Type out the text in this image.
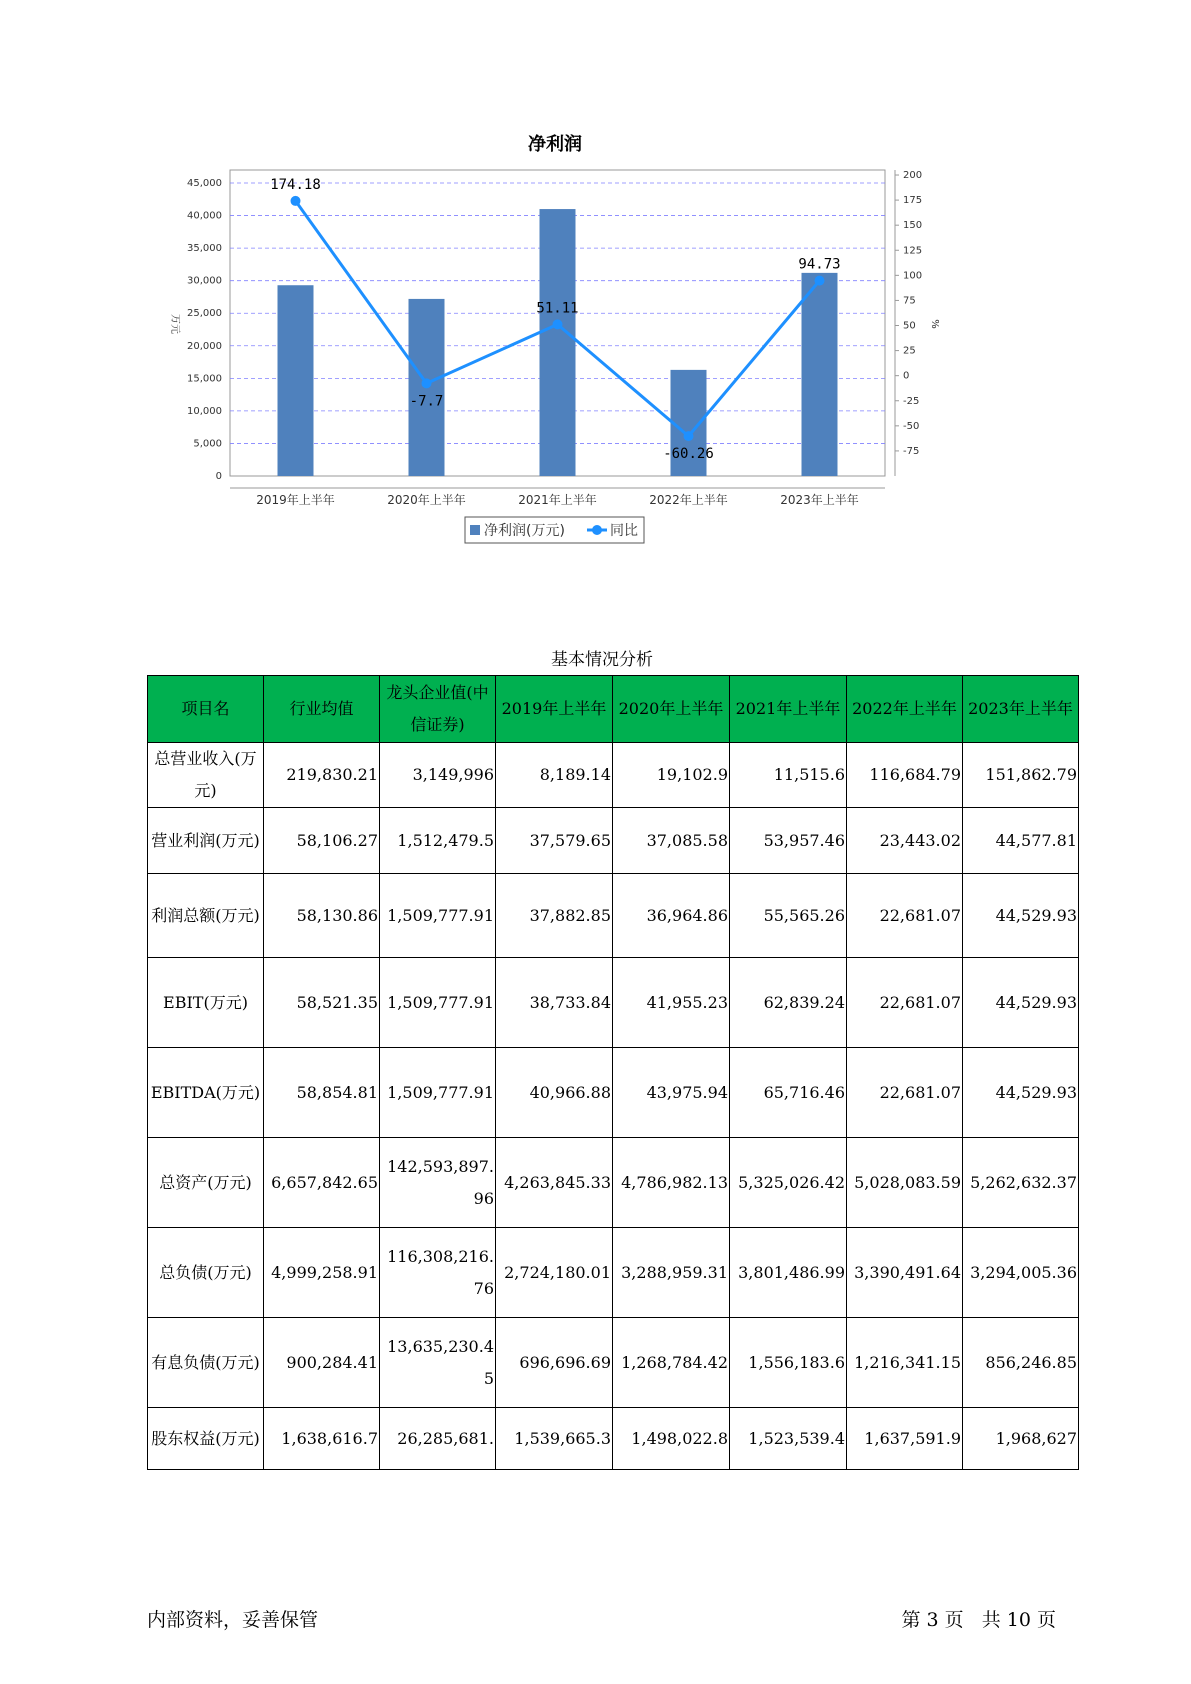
净利润
0
5,000
10,000
15,000
20,000
25,000
30,000
35,000
40,000
45,000
-75
-50
-25
0
25
50
75
100
125
150
175
200
万元	%
2019年上半年	2020年上半年	2021年上半年	2022年上半年	2023年上半年
174.18
-7.7
51.11
-60.26
94.73
净利润(万元)	同比
基本情况分析
项目名	行业均值	龙头企业值(中信证券)	2019年上半年	2020年上半年	2021年上半年	2022年上半年	2023年上半年
总营业收入(万元)	219,830.21	3,149,996	8,189.14	19,102.9	11,515.6	116,684.79	151,862.79
营业利润(万元)	58,106.27	1,512,479.5	37,579.65	37,085.58	53,957.46	23,443.02	44,577.81
利润总额(万元)	58,130.86	1,509,777.91	37,882.85	36,964.86	55,565.26	22,681.07	44,529.93
EBIT(万元)	58,521.35	1,509,777.91	38,733.84	41,955.23	62,839.24	22,681.07	44,529.93
EBITDA(万元)	58,854.81	1,509,777.91	40,966.88	43,975.94	65,716.46	22,681.07	44,529.93
总资产(万元)	6,657,842.65	142,593,897.96	4,263,845.33	4,786,982.13	5,325,026.42	5,028,083.59	5,262,632.37
总负债(万元)	4,999,258.91	116,308,216.76	2,724,180.01	3,288,959.31	3,801,486.99	3,390,491.64	3,294,005.36
有息负债(万元)	900,284.41	13,635,230.45	696,696.69	1,268,784.42	1,556,183.6	1,216,341.15	856,246.85
股东权益(万元)	1,638,616.7	26,285,681.	1,539,665.3	1,498,022.8	1,523,539.4	1,637,591.9	1,968,627
内部资料，妥善保管	第 3 页   共 10 页
